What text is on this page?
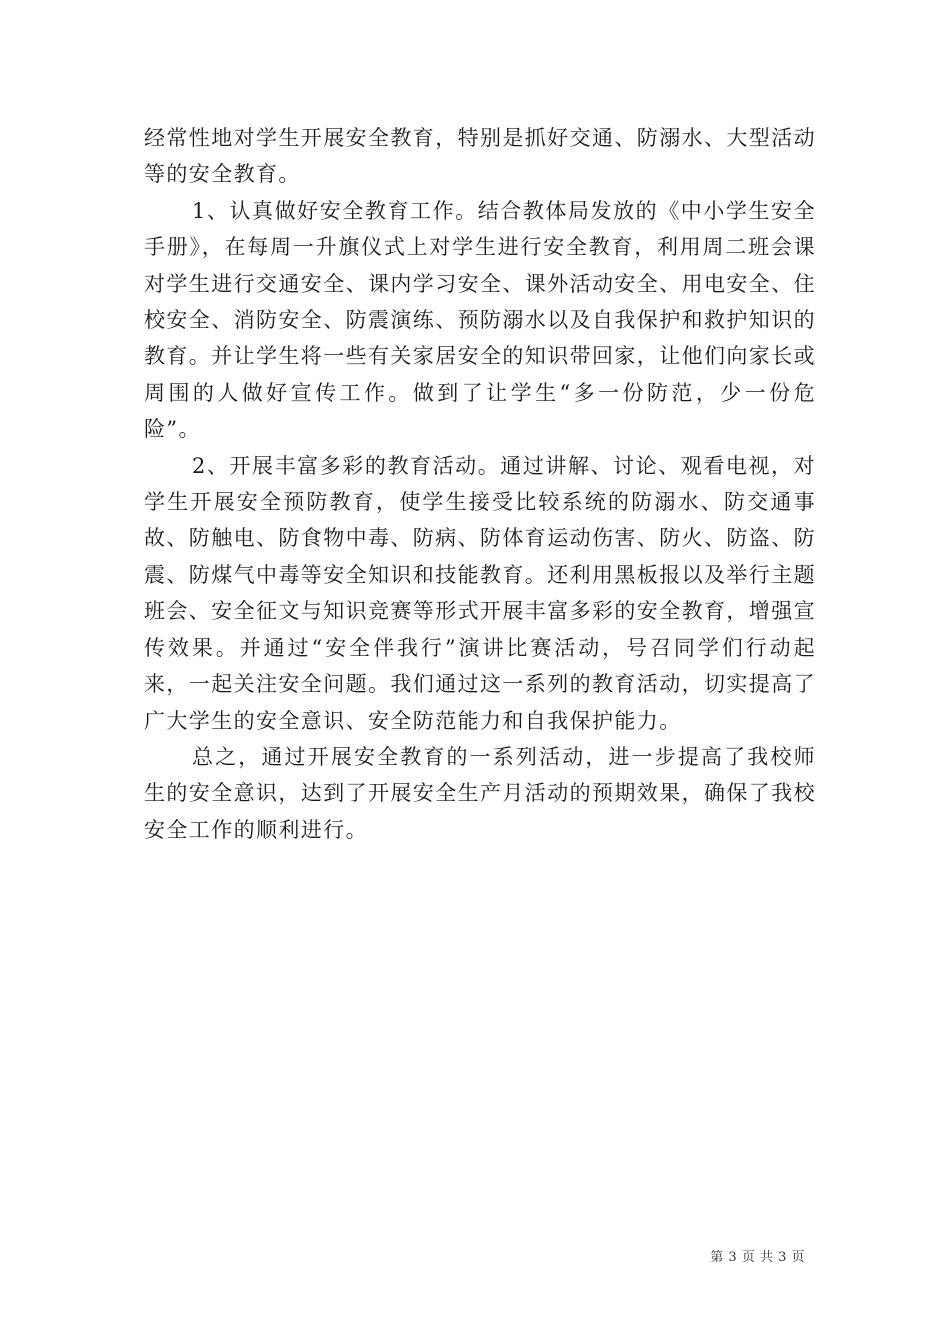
经常性地对学生开展安全教育，特别是抓好交通、防溺水、大型活动等的安全教育。

1、认真做好安全教育工作。结合教体局发放的《中小学生安全手册》，在每周一升旗仪式上对学生进行安全教育，利用周二班会课对学生进行交通安全、课内学习安全、课外活动安全、用电安全、住校安全、消防安全、防震演练、预防溺水以及自我保护和救护知识的教育。并让学生将一些有关家居安全的知识带回家，让他们向家长或周围的人做好宣传工作。做到了让学生“多一份防范，少一份危险”。

2、开展丰富多彩的教育活动。通过讲解、讨论、观看电视，对学生开展安全预防教育，使学生接受比较系统的防溺水、防交通事故、防触电、防食物中毒、防病、防体育运动伤害、防火、防盗、防震、防煤气中毒等安全知识和技能教育。还利用黑板报以及举行主题班会、安全征文与知识竞赛等形式开展丰富多彩的安全教育，增强宣传效果。并通过“安全伴我行”演讲比赛活动，号召同学们行动起来，一起关注安全问题。我们通过这一系列的教育活动，切实提高了广大学生的安全意识、安全防范能力和自我保护能力。

总之，通过开展安全教育的一系列活动，进一步提高了我校师生的安全意识，达到了开展安全生产月活动的预期效果，确保了我校安全工作的顺利进行。

第 3 页 共 3 页
